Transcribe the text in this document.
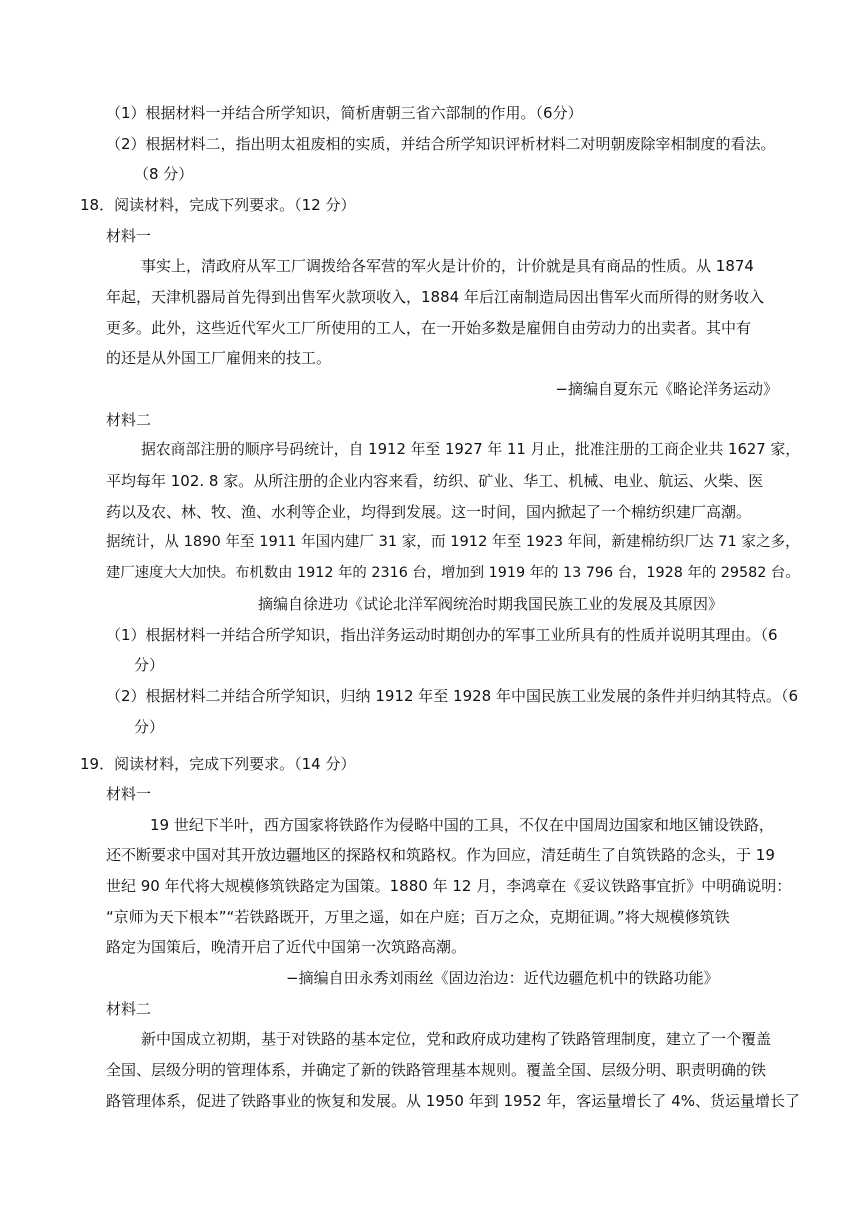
（1）根据材料一并结合所学知识，简析唐朝三省六部制的作用。（6分）
（2）根据材料二，指出明太祖废相的实质，并结合所学知识评析材料二对明朝废除宰相制度的看法。
（8 分）
18．阅读材料，完成下列要求。（12 分）
材料一
事实上，清政府从军工厂调拨给各军营的军火是计价的，计价就是具有商品的性质。从 1874
年起，天津机器局首先得到出售军火款项收入，1884 年后江南制造局因出售军火而所得的财务收入
更多。此外，这些近代军火工厂所使用的工人，在一开始多数是雇佣自由劳动力的出卖者。其中有
的还是从外国工厂雇佣来的技工。
−摘编自夏东元《略论洋务运动》
材料二
据农商部注册的顺序号码统计，自 1912 年至 1927 年 11 月止，批准注册的工商企业共 1627 家，
平均每年 102. 8 家。从所注册的企业内容来看，纺织、矿业、华工、机械、电业、航运、火柴、医
药以及农、林、牧、渔、水利等企业，均得到发展。这一时间，国内掀起了一个棉纺织建厂高潮。
据统计，从 1890 年至 1911 年国内建厂 31 家，而 1912 年至 1923 年间，新建棉纺织厂达 71 家之多，
建厂速度大大加快。布机数由 1912 年的 2316 台，增加到 1919 年的 13 796 台，1928 年的 29582 台。
摘编自徐进功《试论北洋军阀统治时期我国民族工业的发展及其原因》
（1）根据材料一并结合所学知识，指出洋务运动时期创办的军事工业所具有的性质并说明其理由。（6
分）
（2）根据材料二并结合所学知识，归纳 1912 年至 1928 年中国民族工业发展的条件并归纳其特点。（6
分）
19．阅读材料，完成下列要求。（14 分）
材料一
19 世纪下半叶，西方国家将铁路作为侵略中国的工具，不仅在中国周边国家和地区铺设铁路，
还不断要求中国对其开放边疆地区的探路权和筑路权。作为回应，清廷萌生了自筑铁路的念头，于 19
世纪 90 年代将大规模修筑铁路定为国策。1880 年 12 月，李鸿章在《妥议铁路事宜折》中明确说明：
“京师为天下根本”“若铁路既开，万里之遥，如在户庭；百万之众，克期征调。”将大规模修筑铁
路定为国策后，晚清开启了近代中国第一次筑路高潮。
−摘编自田永秀刘雨丝《固边治边：近代边疆危机中的铁路功能》
材料二
新中国成立初期，基于对铁路的基本定位，党和政府成功建构了铁路管理制度，建立了一个覆盖
全国、层级分明的管理体系，并确定了新的铁路管理基本规则。覆盖全国、层级分明、职责明确的铁
路管理体系，促进了铁路事业的恢复和发展。从 1950 年到 1952 年，客运量增长了 4%、货运量增长了
